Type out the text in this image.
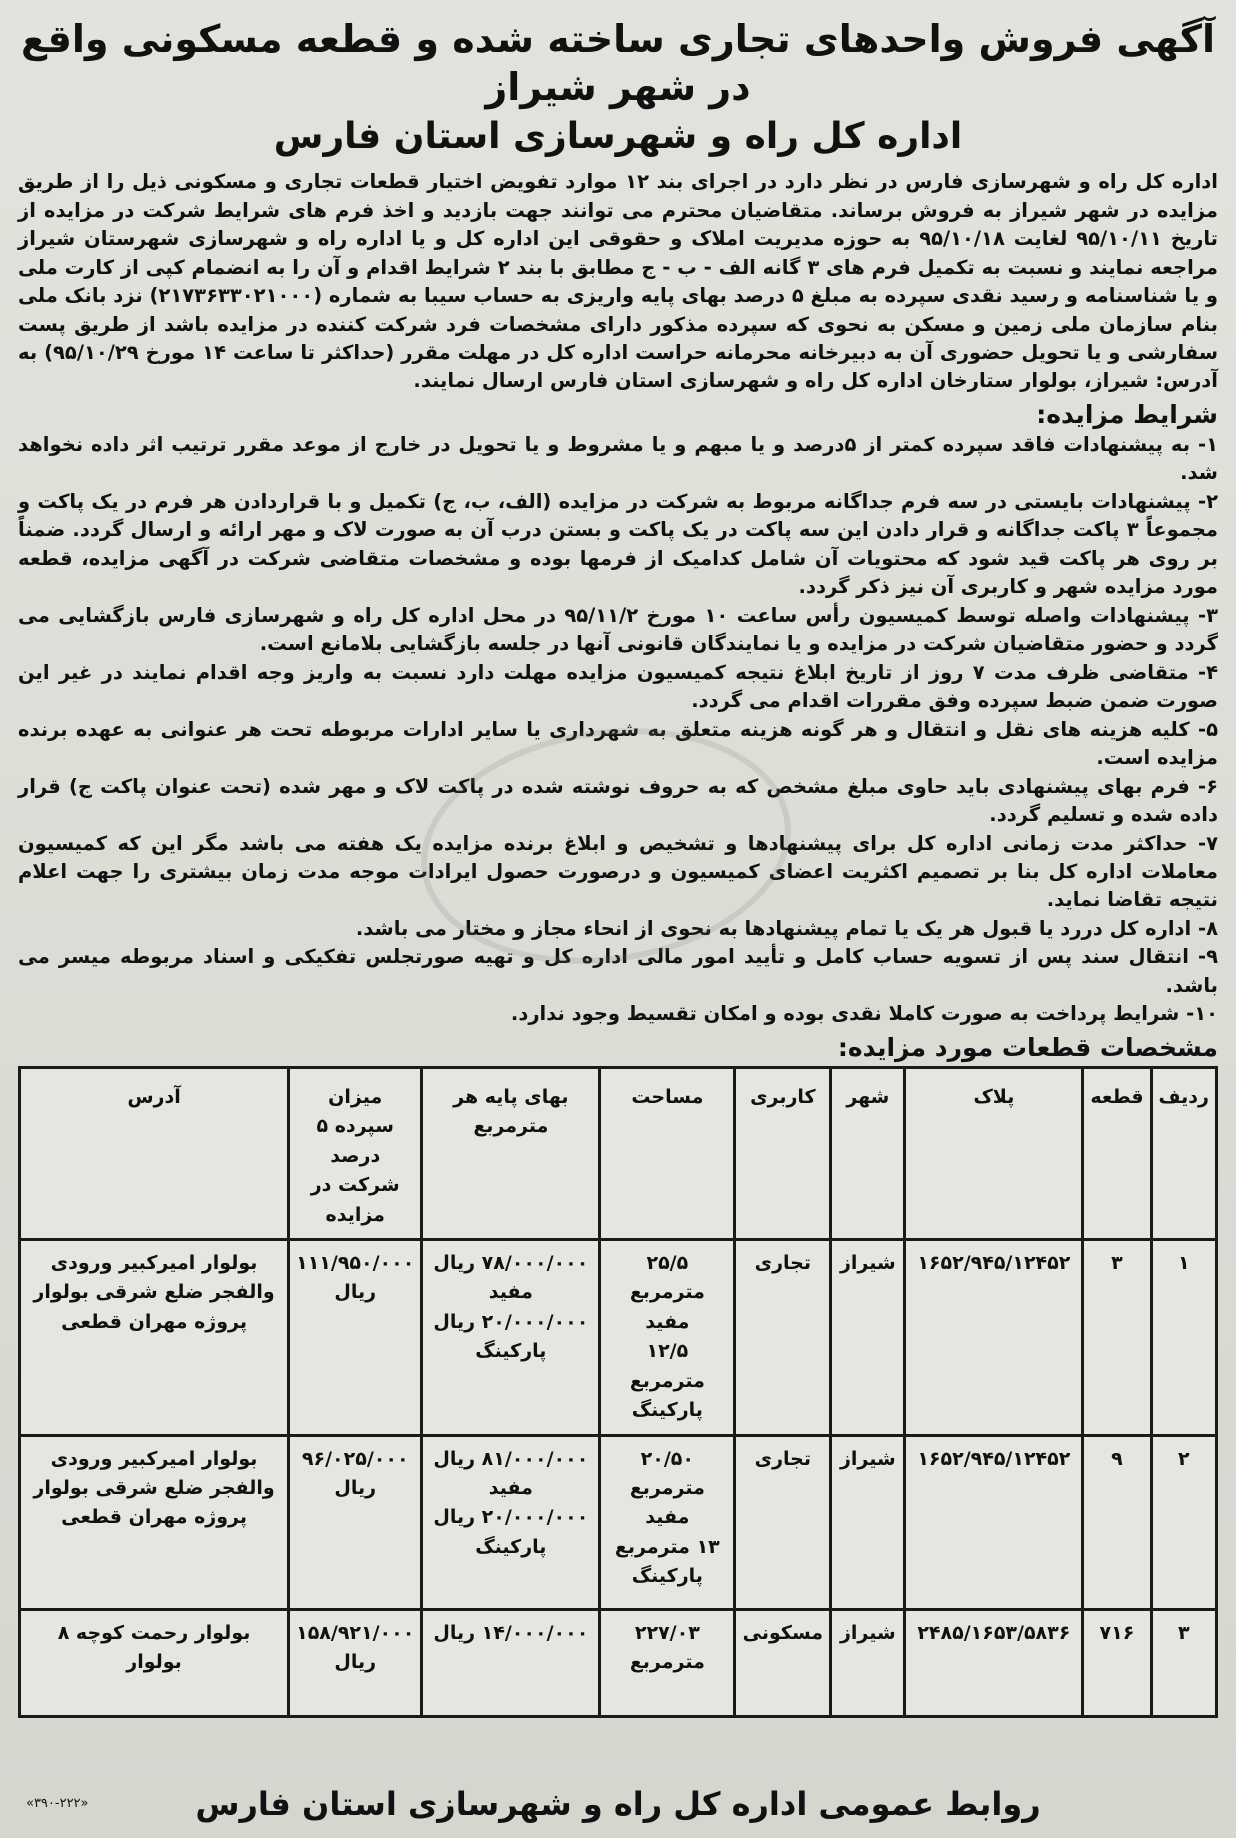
آگهی فروش واحدهای تجاری ساخته شده و قطعه مسکونی واقع در شهر شیراز
اداره کل راه و شهرسازی استان فارس

اداره کل راه و شهرسازی فارس در نظر دارد در اجرای بند ۱۲ موارد تفویض اختیار قطعات تجاری و مسکونی ذیل را از طریق مزایده در شهر شیراز به فروش برساند. متقاضیان محترم می توانند جهت بازدید و اخذ فرم های شرایط شرکت در مزایده از تاریخ ۹۵/۱۰/۱۱ لغایت ۹۵/۱۰/۱۸ به حوزه مدیریت املاک و حقوقی این اداره کل و یا اداره راه و شهرسازی شهرستان شیراز مراجعه نمایند و نسبت به تکمیل فرم های ۳ گانه الف - ب - ج مطابق با بند ۲ شرایط اقدام و آن را به انضمام کپی از کارت ملی و یا شناسنامه و رسید نقدی سپرده به مبلغ ۵ درصد بهای پایه واریزی به حساب سیبا به شماره (۲۱۷۳۶۳۳۰۲۱۰۰۰) نزد بانک ملی بنام سازمان ملی زمین و مسکن به نحوی که سپرده مذکور دارای مشخصات فرد شرکت کننده در مزایده باشد از طریق پست سفارشی و یا تحویل حضوری آن به دبیرخانه محرمانه حراست اداره کل در مهلت مقرر (حداکثر تا ساعت ۱۴ مورخ ۹۵/۱۰/۲۹) به آدرس: شیراز، بولوار ستارخان اداره کل راه و شهرسازی استان فارس ارسال نمایند.

شرایط مزایده:

۱- به پیشنهادات فاقد سپرده کمتر از ۵درصد و یا مبهم و یا مشروط و یا تحویل در خارج از موعد مقرر ترتیب اثر داده نخواهد شد.

۲- پیشنهادات بایستی در سه فرم جداگانه مربوط به شرکت در مزایده (الف، ب، ج) تکمیل و با قراردادن هر فرم در یک پاکت و مجموعاً ۳ پاکت جداگانه و قرار دادن این سه پاکت در یک پاکت و بستن درب آن به صورت لاک و مهر ارائه و ارسال گردد. ضمناً بر روی هر پاکت قید شود که محتویات آن شامل کدامیک از فرمها بوده و مشخصات متقاضی شرکت در آگهی مزایده، قطعه مورد مزایده شهر و کاربری آن نیز ذکر گردد.

۳- پیشنهادات واصله توسط کمیسیون رأس ساعت ۱۰ مورخ ۹۵/۱۱/۲ در محل اداره کل راه و شهرسازی فارس بازگشایی می گردد و حضور متقاضیان شرکت در مزایده و یا نمایندگان قانونی آنها در جلسه بازگشایی بلامانع است.

۴- متقاضی ظرف مدت ۷ روز از تاریخ ابلاغ نتیجه کمیسیون مزایده مهلت دارد نسبت به واریز وجه اقدام نمایند در غیر این صورت ضمن ضبط سپرده وفق مقررات اقدام می گردد.

۵- کلیه هزینه های نقل و انتقال و هر گونه هزینه متعلق به شهرداری یا سایر ادارات مربوطه تحت هر عنوانی به عهده برنده مزایده است.

۶- فرم بهای پیشنهادی باید حاوی مبلغ مشخص که به حروف نوشته شده در پاکت لاک و مهر شده (تحت عنوان پاکت ج) قرار داده شده و تسلیم گردد.

۷- حداکثر مدت زمانی اداره کل برای پیشنهادها و تشخیص و ابلاغ برنده مزایده یک هفته می باشد مگر این که کمیسیون معاملات اداره کل بنا بر تصمیم اکثریت اعضای کمیسیون و درصورت حصول ایرادات موجه مدت زمان بیشتری را جهت اعلام نتیجه تقاضا نماید.

۸- اداره کل دررد یا قبول هر یک یا تمام پیشنهادها به نحوی از انحاء مجاز و مختار می باشد.

۹- انتقال سند پس از تسویه حساب کامل و تأیید امور مالی اداره کل و تهیه صورتجلس تفکیکی و اسناد مربوطه میسر می باشد.

۱۰- شرایط پرداخت به صورت کاملا نقدی بوده و امکان تقسیط وجود ندارد.

مشخصات قطعات مورد مزایده:
ردیف	قطعه	پلاک	شهر	کاربری	مساحت	بهای پایه هر مترمربع	میزان سپرده ۵ درصد شرکت در مزایده	آدرس
۱	۳	۱۶۵۲/۹۴۵/۱۲۴۵۲	شیراز	تجاری	۲۵/۵ مترمربع
مفید
۱۲/۵ مترمربع
پارکینگ	۷۸/۰۰۰/۰۰۰ ریال
مفید
۲۰/۰۰۰/۰۰۰ ریال
پارکینگ	۱۱۱/۹۵۰/۰۰۰
ریال	بولوار امیرکبیر ورودی والفجر ضلع شرقی بولوار پروژه مهران قطعی
۲	۹	۱۶۵۲/۹۴۵/۱۲۴۵۲	شیراز	تجاری	۲۰/۵۰ مترمربع
مفید
۱۳ مترمربع
پارکینگ	۸۱/۰۰۰/۰۰۰ ریال
مفید
۲۰/۰۰۰/۰۰۰ ریال
پارکینگ	۹۶/۰۲۵/۰۰۰ ریال	بولوار امیرکبیر ورودی والفجر ضلع شرقی بولوار پروژه مهران قطعی
۳	۷۱۶	۲۴۸۵/۱۶۵۳/۵۸۳۶	شیراز	مسکونی	۲۲۷/۰۳ مترمربع	۱۴/۰۰۰/۰۰۰ ریال	۱۵۸/۹۲۱/۰۰۰
ریال	بولوار رحمت کوچه ۸ بولوار
روابط عمومی اداره کل راه و شهرسازی استان فارس
«۳۹۰-۲۲۲»
